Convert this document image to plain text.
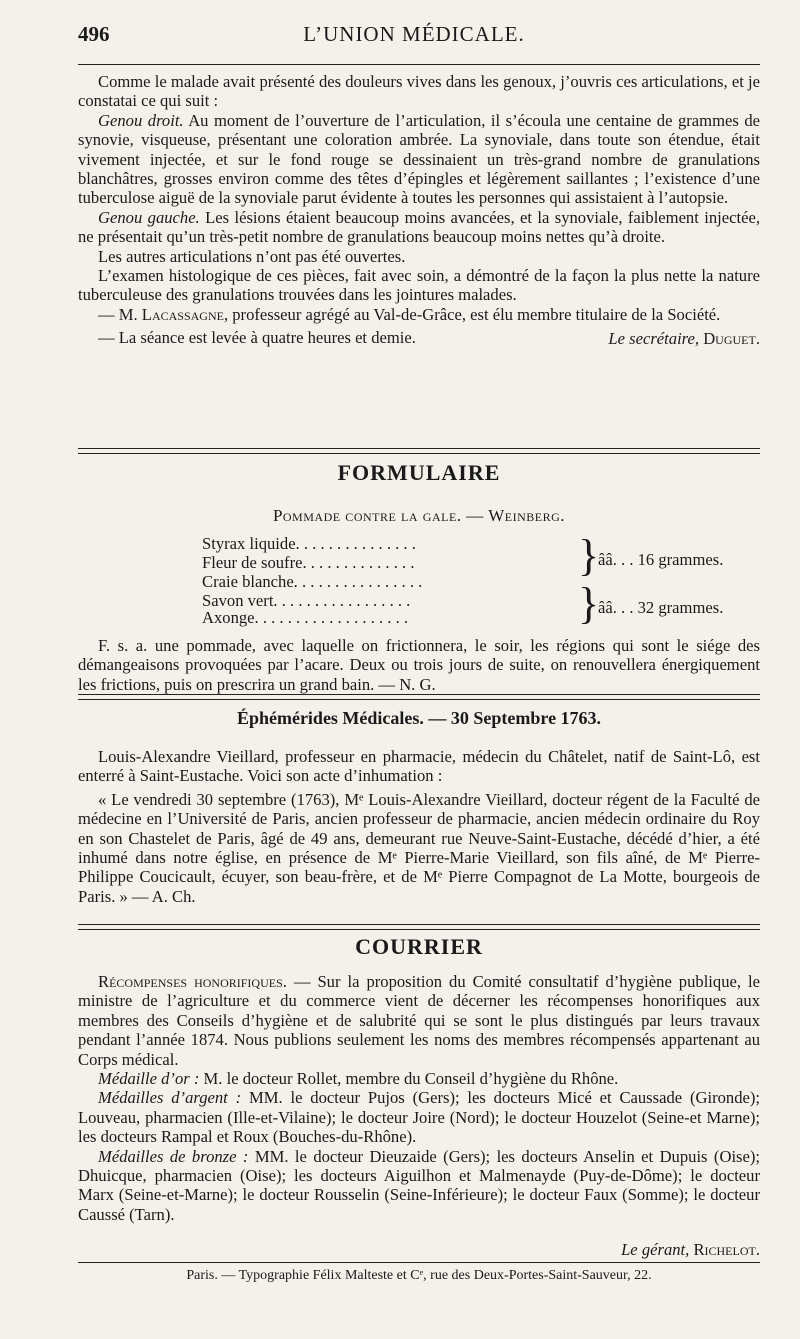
496	L’UNION MÉDICALE.

Comme le malade avait présenté des douleurs vives dans les genoux, j’ouvris ces articulations, et je constatai ce qui suit :

Genou droit. Au moment de l’ouverture de l’articulation, il s’écoula une centaine de grammes de synovie, visqueuse, présentant une coloration ambrée. La synoviale, dans toute son étendue, était vivement injectée, et sur le fond rouge se dessinaient un très-grand nombre de granulations blanchâtres, grosses environ comme des têtes d’épingles et légèrement saillantes ; l’existence d’une tuberculose aiguë de la synoviale parut évidente à toutes les personnes qui assistaient à l’autopsie.

Genou gauche. Les lésions étaient beaucoup moins avancées, et la synoviale, faiblement injectée, ne présentait qu’un très-petit nombre de granulations beaucoup moins nettes qu’à droite.

Les autres articulations n’ont pas été ouvertes.

L’examen histologique de ces pièces, fait avec soin, a démontré de la façon la plus nette la nature tuberculeuse des granulations trouvées dans les jointures malades.

— M. Lacassagne, professeur agrégé au Val-de-Grâce, est élu membre titulaire de la Société.

— La séance est levée à quatre heures et demie.	Le secrétaire, Duguet.
FORMULAIRE
Pommade contre la gale. — Weinberg.
Styrax liquide. . . . . . . . . . . . . . .
Fleur de soufre. . . . . . . . . . . . . .
Craie blanche. . . . . . . . . . . . . . . .
Savon vert. . . . . . . . . . . . . . . . .
Axonge. . . . . . . . . . . . . . . . . . .
}
}
ââ. . . 16 grammes.
ââ. . . 32 grammes.

F. s. a. une pommade, avec laquelle on frictionnera, le soir, les régions qui sont le siége des démangeaisons provoquées par l’acare. Deux ou trois jours de suite, on renouvellera énergiquement les frictions, puis on prescrira un grand bain. — N. G.

Éphémérides Médicales. — 30 Septembre 1763.

Louis-Alexandre Vieillard, professeur en pharmacie, médecin du Châtelet, natif de Saint-Lô, est enterré à Saint-Eustache. Voici son acte d’inhumation :

« Le vendredi 30 septembre (1763), Mᵉ Louis-Alexandre Vieillard, docteur régent de la Faculté de médecine en l’Université de Paris, ancien professeur de pharmacie, ancien médecin ordinaire du Roy en son Chastelet de Paris, âgé de 49 ans, demeurant rue Neuve-Saint-Eustache, décédé d’hier, a été inhumé dans notre église, en présence de Mᵉ Pierre-Marie Vieillard, son fils aîné, de Mᵉ Pierre-Philippe Coucicault, écuyer, son beau-frère, et de Mᵉ Pierre Compagnot de La Motte, bourgeois de Paris. » — A. Ch.

COURRIER

Récompenses honorifiques. — Sur la proposition du Comité consultatif d’hygiène publique, le ministre de l’agriculture et du commerce vient de décerner les récompenses honorifiques aux membres des Conseils d’hygiène et de salubrité qui se sont le plus distingués par leurs travaux pendant l’année 1874. Nous publions seulement les noms des membres récompensés appartenant au Corps médical.

Médaille d’or : M. le docteur Rollet, membre du Conseil d’hygiène du Rhône.

Médailles d’argent : MM. le docteur Pujos (Gers); les docteurs Micé et Caussade (Gironde); Louveau, pharmacien (Ille-et-Vilaine); le docteur Joire (Nord); le docteur Houzelot (Seine-et Marne); les docteurs Rampal et Roux (Bouches-du-Rhône).

Médailles de bronze : MM. le docteur Dieuzaide (Gers); les docteurs Anselin et Dupuis (Oise); Dhuicque, pharmacien (Oise); les docteurs Aiguilhon et Malmenayde (Puy-de-Dôme); le docteur Marx (Seine-et-Marne); le docteur Rousselin (Seine-Inférieure); le docteur Faux (Somme); le docteur Caussé (Tarn).

Le gérant, Richelot.
Paris. — Typographie Félix Malteste et Cᵉ, rue des Deux-Portes-Saint-Sauveur, 22.
